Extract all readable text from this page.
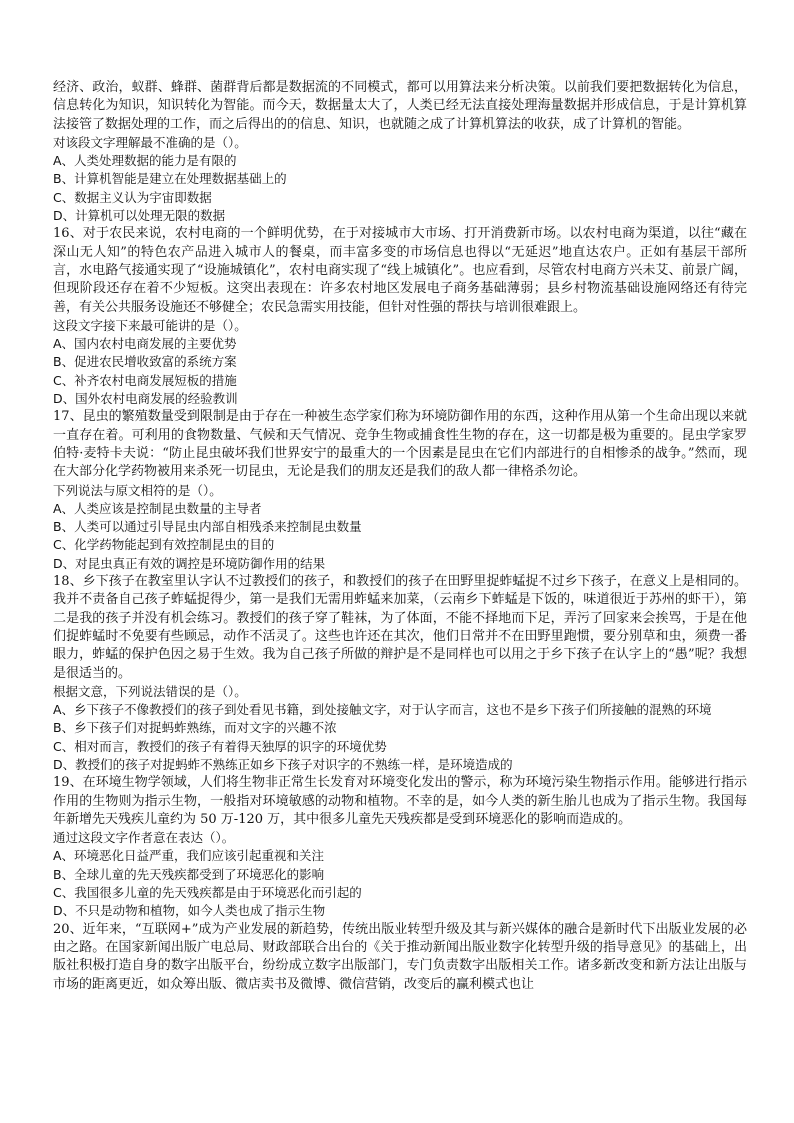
经济、政治，蚁群、蜂群、菌群背后都是数据流的不同模式，都可以用算法来分析决策。以前我们要把数据转化为信息，信息转化为知识，知识转化为智能。而今天，数据量太大了，人类已经无法直接处理海量数据并形成信息，于是计算机算法接管了数据处理的工作，而之后得出的的信息、知识，也就随之成了计算机算法的收获，成了计算机的智能。

对该段文字理解最不准确的是（）。

A、人类处理数据的能力是有限的

B、计算机智能是建立在处理数据基础上的

C、数据主义认为宇宙即数据

D、计算机可以处理无限的数据

16、对于农民来说，农村电商的一个鲜明优势，在于对接城市大市场、打开消费新市场。以农村电商为渠道，以往“藏在深山无人知”的特色农产品进入城市人的餐桌，而丰富多变的市场信息也得以“无延迟”地直达农户。正如有基层干部所言，水电路气接通实现了“设施城镇化”，农村电商实现了“线上城镇化”。也应看到，尽管农村电商方兴未艾、前景广阔，但现阶段还存在着不少短板。这突出表现在：许多农村地区发展电子商务基础薄弱；县乡村物流基础设施网络还有待完善，有关公共服务设施还不够健全；农民急需实用技能，但针对性强的帮扶与培训很难跟上。

这段文字接下来最可能讲的是（）。

A、国内农村电商发展的主要优势

B、促进农民增收致富的系统方案

C、补齐农村电商发展短板的措施

D、国外农村电商发展的经验教训

17、昆虫的繁殖数量受到限制是由于存在一种被生态学家们称为环境防御作用的东西，这种作用从第一个生命出现以来就一直存在着。可利用的食物数量、气候和天气情况、竞争生物或捕食性生物的存在，这一切都是极为重要的。昆虫学家罗伯特·麦特卡夫说：“防止昆虫破坏我们世界安宁的最重大的一个因素是昆虫在它们内部进行的自相惨杀的战争。”然而，现在大部分化学药物被用来杀死一切昆虫，无论是我们的朋友还是我们的敌人都一律格杀勿论。

下列说法与原文相符的是（）。

A、人类应该是控制昆虫数量的主导者

B、人类可以通过引导昆虫内部自相残杀来控制昆虫数量

C、化学药物能起到有效控制昆虫的目的

D、对昆虫真正有效的调控是环境防御作用的结果

18、乡下孩子在教室里认字认不过教授们的孩子，和教授们的孩子在田野里捉蚱蜢捉不过乡下孩子，在意义上是相同的。我并不责备自己孩子蚱蜢捉得少，第一是我们无需用蚱蜢来加菜，（云南乡下蚱蜢是下饭的，味道很近于苏州的虾干），第二是我的孩子并没有机会练习。教授们的孩子穿了鞋袜，为了体面，不能不择地而下足，弄污了回家来会挨骂，于是在他们捉蚱蜢时不免要有些顾忌，动作不活灵了。这些也许还在其次，他们日常并不在田野里跑惯，要分别草和虫，须费一番眼力，蚱蜢的保护色因之易于生效。我为自己孩子所做的辩护是不是同样也可以用之于乡下孩子在认字上的“愚”呢？我想是很适当的。

根据文意，下列说法错误的是（）。

A、乡下孩子不像教授们的孩子到处看见书籍，到处接触文字，对于认字而言，这也不是乡下孩子们所接触的混熟的环境

B、乡下孩子们对捉蚂蚱熟练，而对文字的兴趣不浓

C、相对而言，教授们的孩子有着得天独厚的识字的环境优势

D、教授们的孩子对捉蚂蚱不熟练正如乡下孩子对识字的不熟练一样，是环境造成的

19、在环境生物学领域，人们将生物非正常生长发育对环境变化发出的警示，称为环境污染生物指示作用。能够进行指示作用的生物则为指示生物，一般指对环境敏感的动物和植物。不幸的是，如今人类的新生胎儿也成为了指示生物。我国每年新增先天残疾儿童约为 50 万-120 万，其中很多儿童先天残疾都是受到环境恶化的影响而造成的。

通过这段文字作者意在表达（）。

A、环境恶化日益严重，我们应该引起重视和关注

B、全球儿童的先天残疾都受到了环境恶化的影响

C、我国很多儿童的先天残疾都是由于环境恶化而引起的

D、不只是动物和植物，如今人类也成了指示生物

20、近年来，“互联网+”成为产业发展的新趋势，传统出版业转型升级及其与新兴媒体的融合是新时代下出版业发展的必由之路。在国家新闻出版广电总局、财政部联合出台的《关于推动新闻出版业数字化转型升级的指导意见》的基础上，出版社积极打造自身的数字出版平台，纷纷成立数字出版部门，专门负责数字出版相关工作。诸多新改变和新方法让出版与市场的距离更近，如众筹出版、微店卖书及微博、微信营销，改变后的赢利模式也让
